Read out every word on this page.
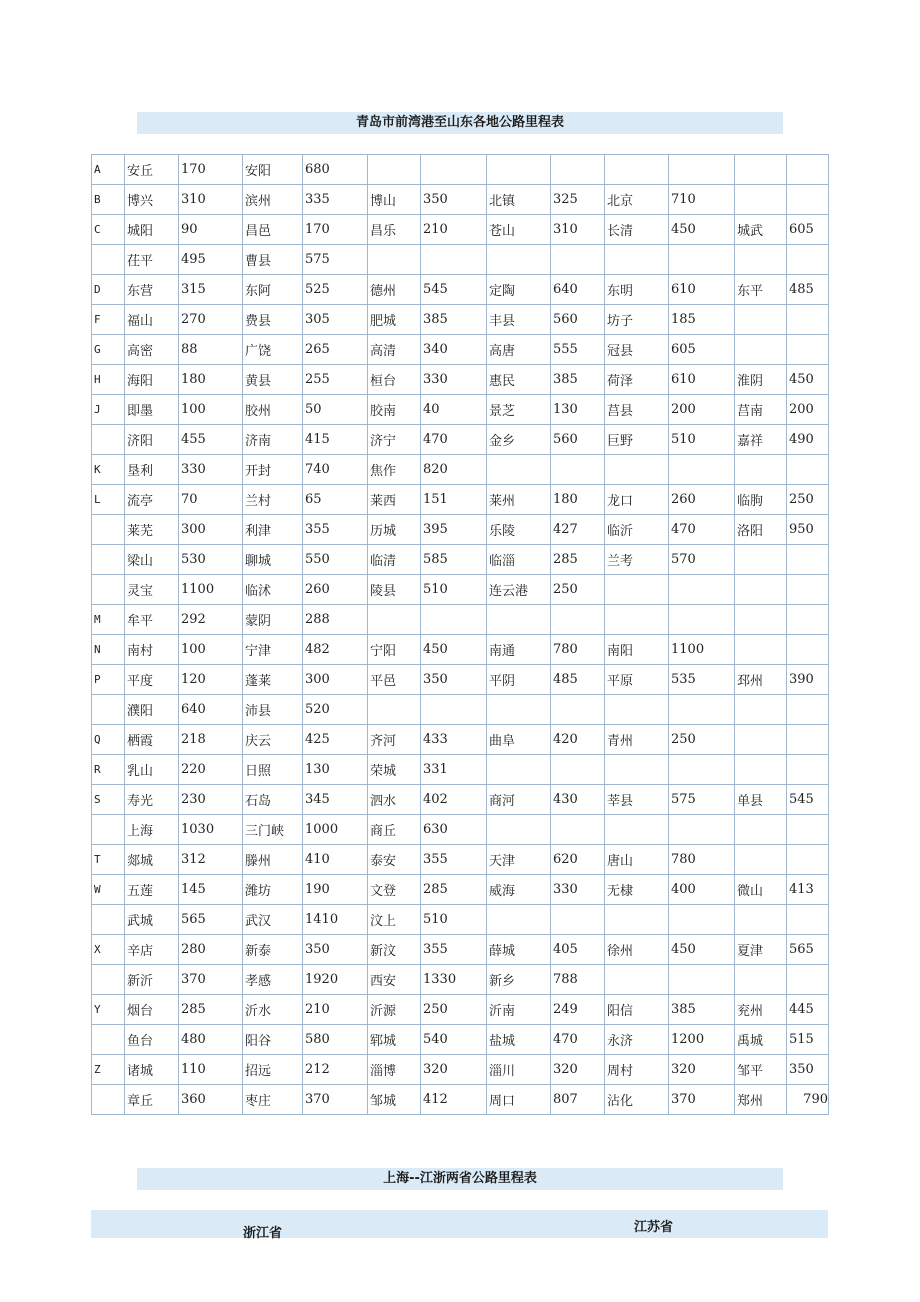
青岛市前湾港至山东各地公路里程表
A	安丘	170	安阳	680								
B	博兴	310	滨州	335	博山	350	北镇	325	北京	710		
C	城阳	90	昌邑	170	昌乐	210	苍山	310	长清	450	城武	605
	茌平	495	曹县	575								
D	东营	315	东阿	525	德州	545	定陶	640	东明	610	东平	485
F	福山	270	费县	305	肥城	385	丰县	560	坊子	185		
G	高密	88	广饶	265	高清	340	高唐	555	冠县	605		
H	海阳	180	黄县	255	桓台	330	惠民	385	荷泽	610	淮阴	450
J	即墨	100	胶州	50	胶南	40	景芝	130	莒县	200	莒南	200
	济阳	455	济南	415	济宁	470	金乡	560	巨野	510	嘉祥	490
K	垦利	330	开封	740	焦作	820						
L	流亭	70	兰村	65	莱西	151	莱州	180	龙口	260	临朐	250
	莱芜	300	利津	355	历城	395	乐陵	427	临沂	470	洛阳	950
	梁山	530	聊城	550	临清	585	临淄	285	兰考	570		
	灵宝	1100	临沭	260	陵县	510	连云港	250				
M	牟平	292	蒙阴	288								
N	南村	100	宁津	482	宁阳	450	南通	780	南阳	1100		
P	平度	120	蓬莱	300	平邑	350	平阴	485	平原	535	邳州	390
	濮阳	640	沛县	520								
Q	栖霞	218	庆云	425	齐河	433	曲阜	420	青州	250		
R	乳山	220	日照	130	荣城	331						
S	寿光	230	石岛	345	泗水	402	商河	430	莘县	575	单县	545
	上海	1030	三门峡	1000	商丘	630						
T	郯城	312	滕州	410	泰安	355	天津	620	唐山	780		
W	五莲	145	潍坊	190	文登	285	威海	330	无棣	400	微山	413
	武城	565	武汉	1410	汶上	510						
X	辛店	280	新泰	350	新汶	355	薛城	405	徐州	450	夏津	565
	新沂	370	孝感	1920	西安	1330	新乡	788				
Y	烟台	285	沂水	210	沂源	250	沂南	249	阳信	385	兖州	445
	鱼台	480	阳谷	580	郓城	540	盐城	470	永济	1200	禹城	515
Z	诸城	110	招远	212	淄博	320	淄川	320	周村	320	邹平	350
	章丘	360	枣庄	370	邹城	412	周口	807	沾化	370	郑州	790
上海--江浙两省公路里程表
浙江省	江苏省
